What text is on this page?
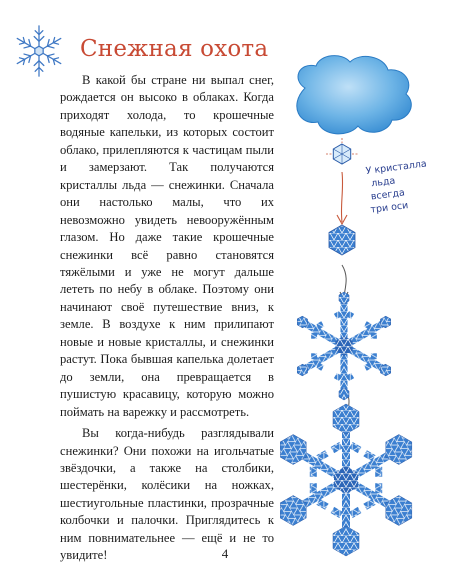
Снежная охота

В какой бы стране ни выпал снег, рождается он высоко в облаках. Когда приходят холода, то крошечные водяные капельки, из которых состоит облако, прилепляются к частицам пыли и замерзают. Так получаются кристаллы льда — снежинки. Сначала они настолько малы, что их невозможно увидеть невооружённым глазом. Но даже такие крошечные снежинки всё равно становятся тяжёлыми и уже не могут дальше лететь по небу в облаке. Поэтому они начинают своё путешествие вниз, к земле. В воздухе к ним прилипают новые и новые кристаллы, и снежинки растут. Пока бывшая капелька долетает до земли, она превращается в пушистую красавицу, которую можно поймать на варежку и рассмотреть.

Вы когда-нибудь разглядывали снежинки? Они похожи на игольчатые звёздочки, а также на столбики, шестерёнки, колёсики на ножках, шестиугольные пластинки, прозрачные колбочки и палочки. Приглядитесь к ним повнимательнее — ещё и не то увидите!

У кристалла
льда
всегда
три оси
4
